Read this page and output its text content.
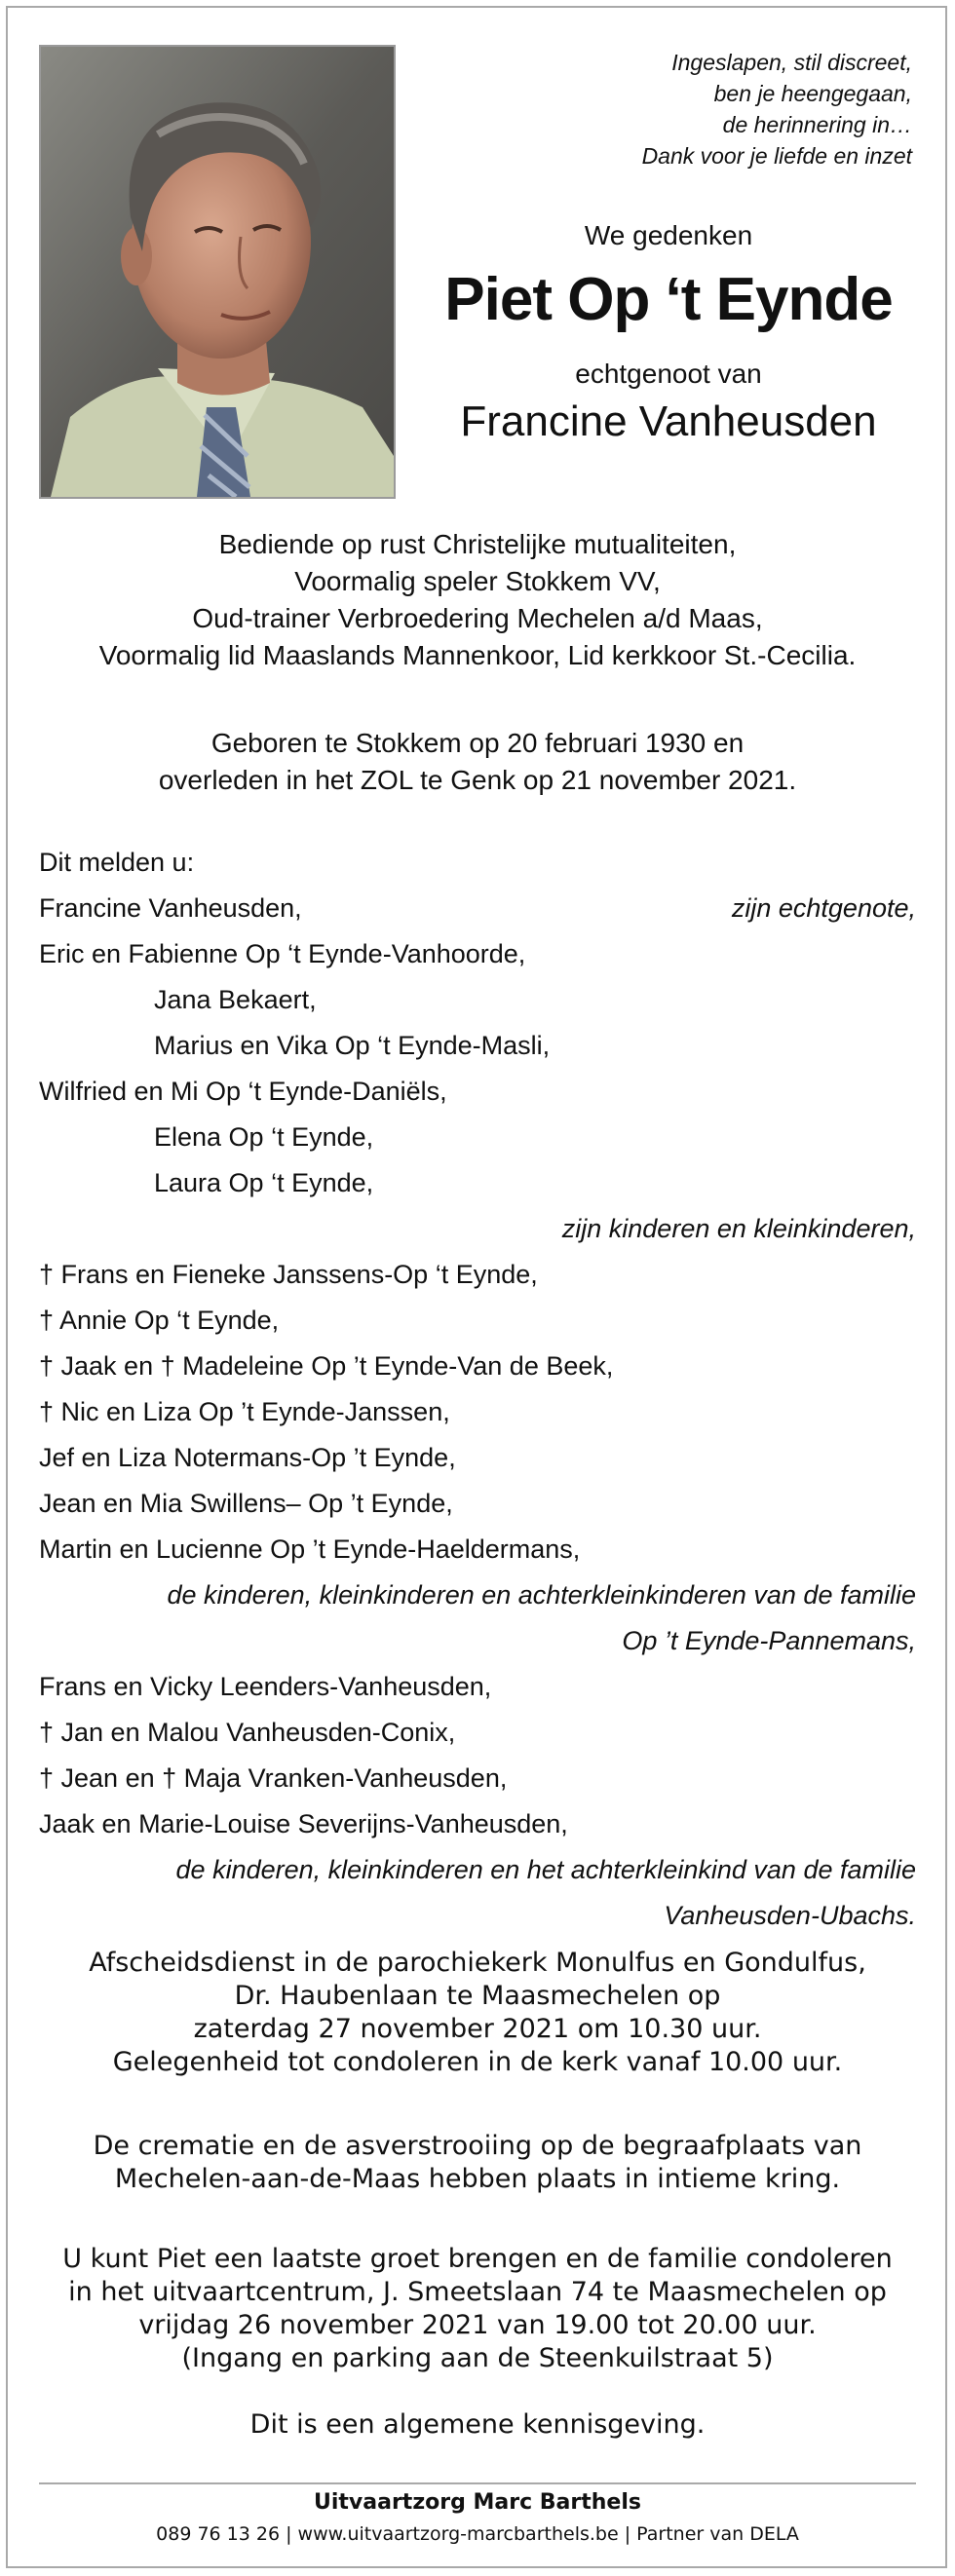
Ingeslapen, stil discreet,
ben je heengegaan,
de herinnering in…
Dank voor je liefde en inzet
We gedenken
Piet Op ‘t Eynde
echtgenoot van
Francine Vanheusden
Bediende op rust Christelijke mutualiteiten,
Voormalig speler Stokkem VV,
Oud-trainer Verbroedering Mechelen a/d Maas,
Voormalig lid Maaslands Mannenkoor, Lid kerkkoor St.-Cecilia.
Geboren te Stokkem op 20 februari 1930 en
overleden in het ZOL te Genk op 21 november 2021.
Dit melden u:
Francine Vanheusden,	zijn echtgenote,
Eric en Fabienne Op ‘t Eynde-Vanhoorde,
Jana Bekaert,
Marius en Vika Op ‘t Eynde-Masli,
Wilfried en Mi Op ‘t Eynde-Daniëls,
Elena Op ‘t Eynde,
Laura Op ‘t Eynde,
zijn kinderen en kleinkinderen,
† Frans en Fieneke Janssens-Op ‘t Eynde,
† Annie Op ‘t Eynde,
† Jaak en † Madeleine Op ’t Eynde-Van de Beek,
† Nic en Liza Op ’t Eynde-Janssen,
Jef en Liza Notermans-Op ’t Eynde,
Jean en Mia Swillens– Op ’t Eynde,
Martin en Lucienne Op ’t Eynde-Haeldermans,
de kinderen, kleinkinderen en achterkleinkinderen van de familie
Op ’t Eynde-Pannemans,
Frans en Vicky Leenders-Vanheusden,
† Jan en Malou Vanheusden-Conix,
† Jean en † Maja Vranken-Vanheusden,
Jaak en Marie-Louise Severijns-Vanheusden,
de kinderen, kleinkinderen en het achterkleinkind van de familie
Vanheusden-Ubachs.
Afscheidsdienst in de parochiekerk Monulfus en Gondulfus,
Dr. Haubenlaan te Maasmechelen op
zaterdag 27 november 2021 om 10.30 uur.
Gelegenheid tot condoleren in de kerk vanaf 10.00 uur.
De crematie en de asverstrooiing op de begraafplaats van
Mechelen-aan-de-Maas hebben plaats in intieme kring.
U kunt Piet een laatste groet brengen en de familie condoleren
in het uitvaartcentrum, J. Smeetslaan 74 te Maasmechelen op
vrijdag 26 november 2021 van 19.00 tot 20.00 uur.
(Ingang en parking aan de Steenkuilstraat 5)
Dit is een algemene kennisgeving.
Uitvaartzorg Marc Barthels
089 76 13 26 | www.uitvaartzorg-marcbarthels.be | Partner van DELA
